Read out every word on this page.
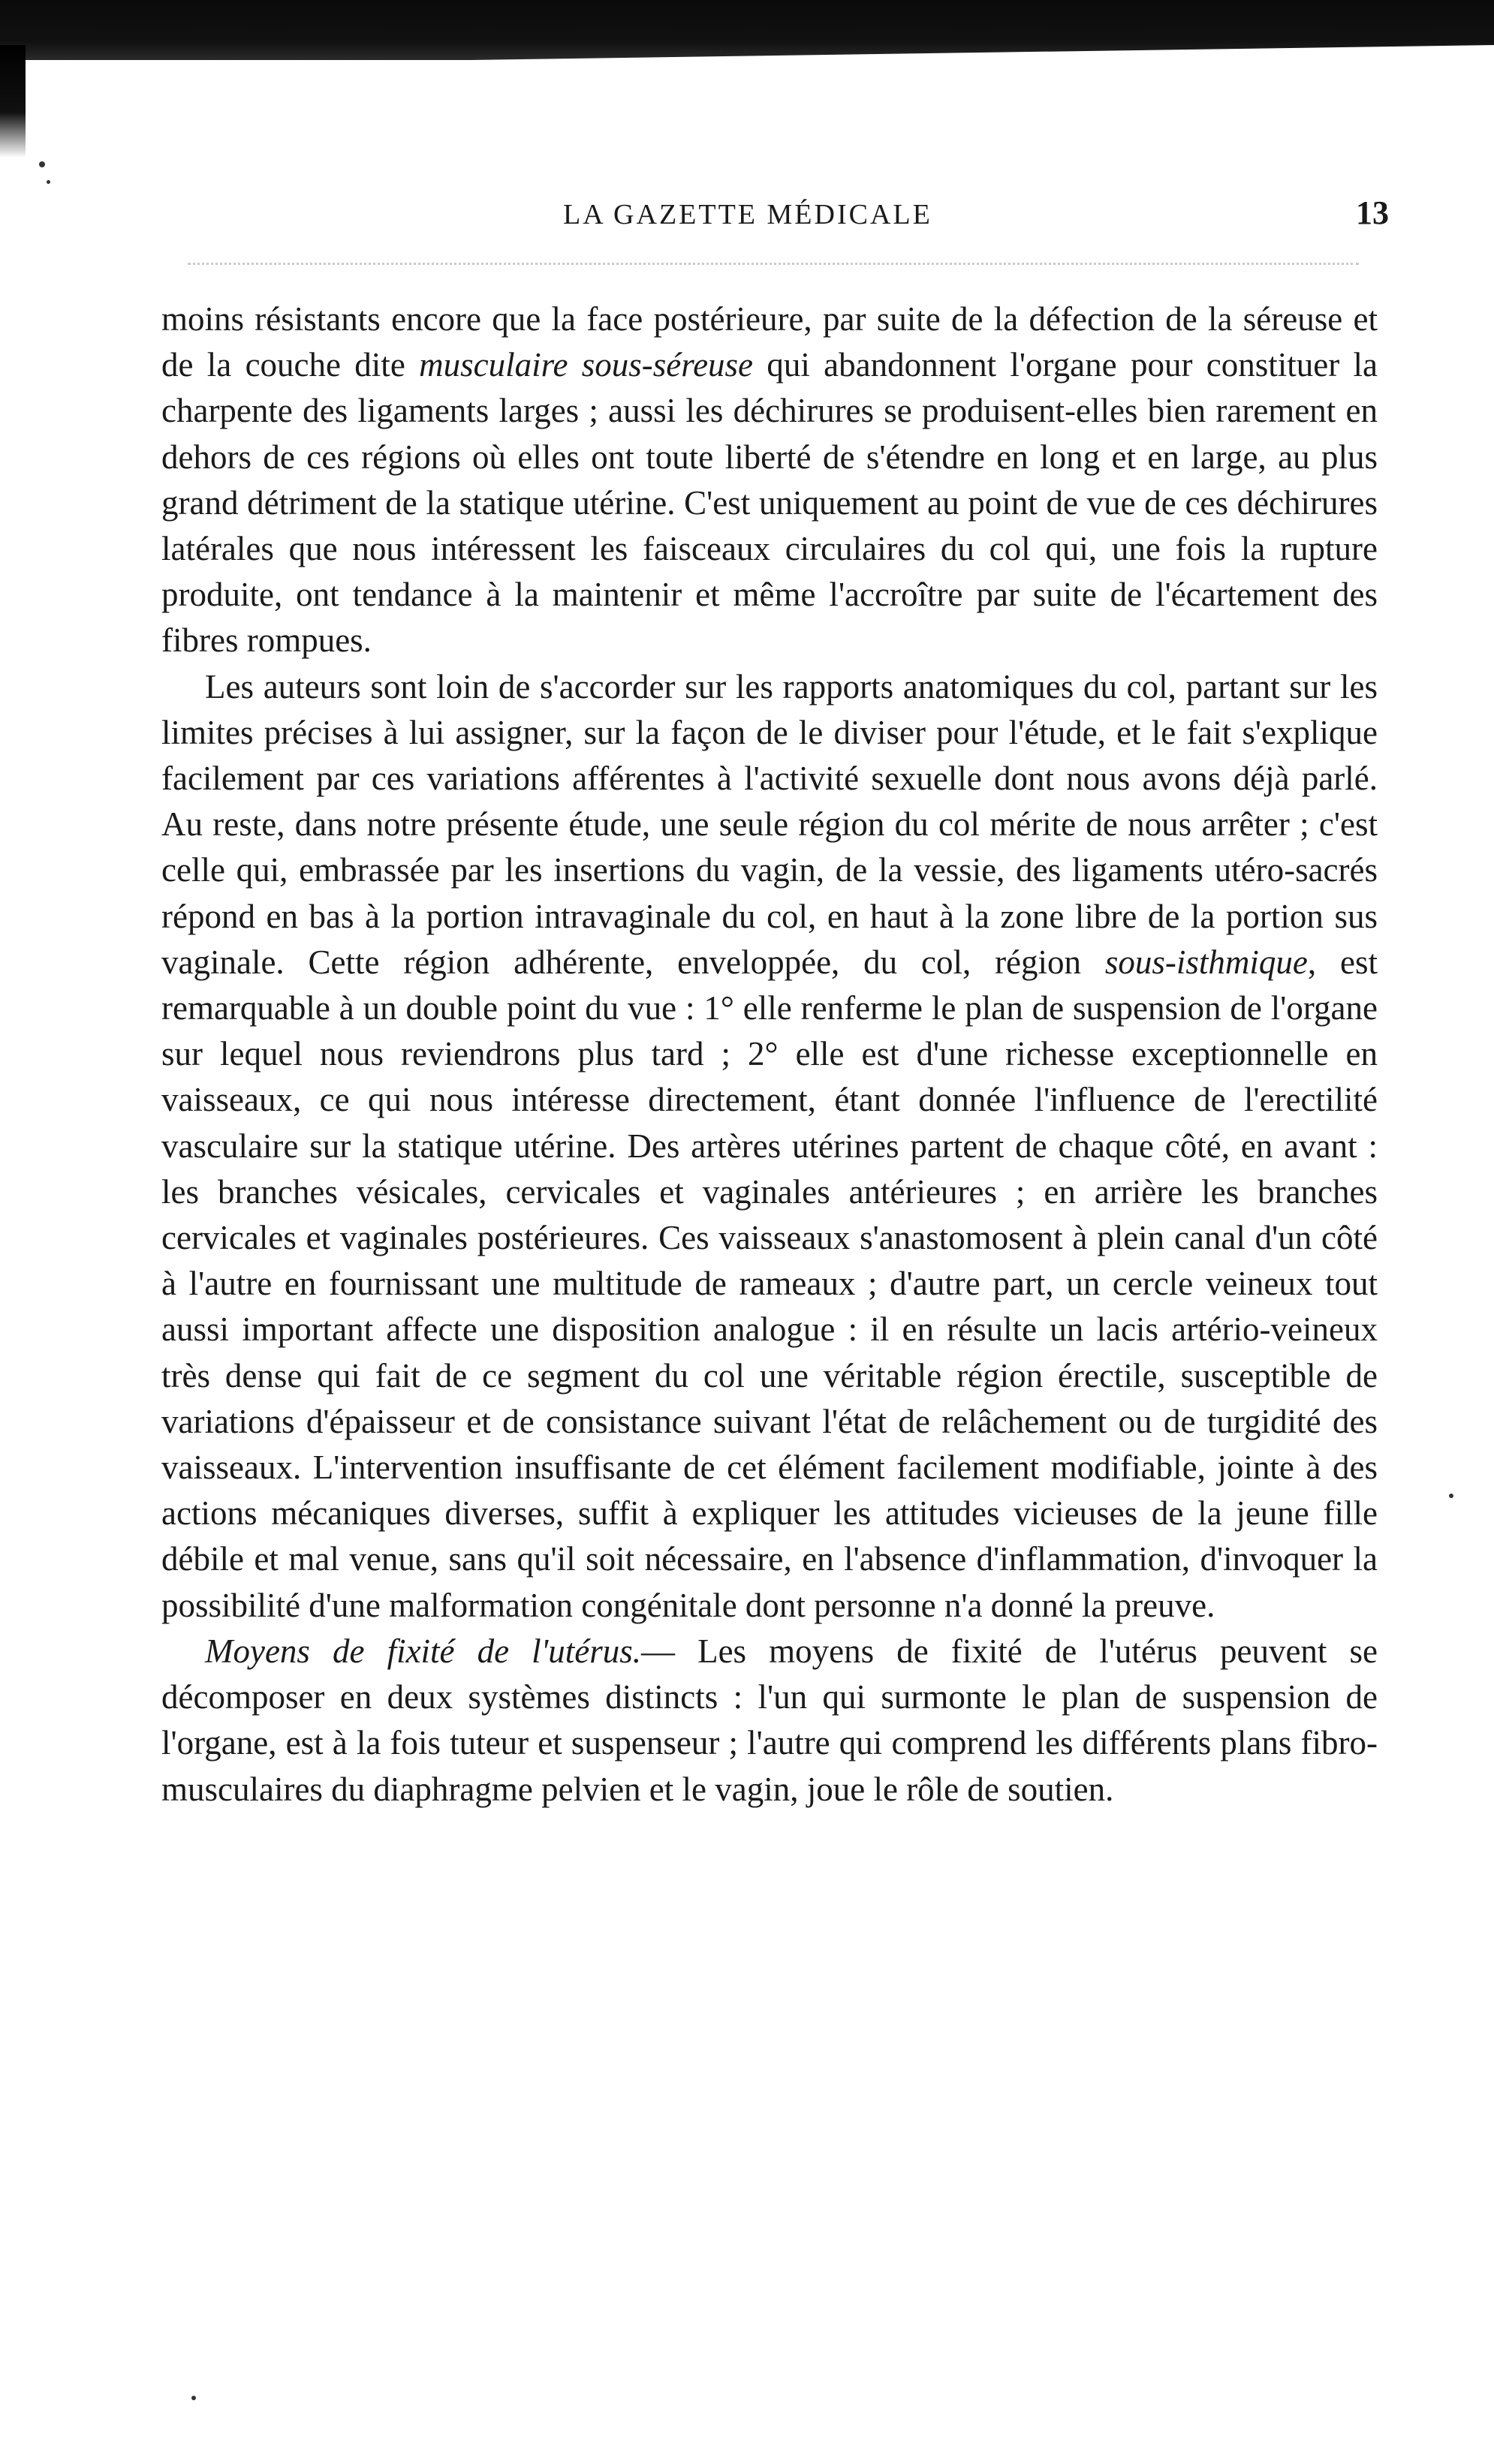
LA GAZETTE MÉDICALE	13

moins résistants encore que la face postérieure, par suite de la défection de la séreuse et de la couche dite musculaire sous-séreuse qui abandonnent l'organe pour constituer la charpente des ligaments larges ; aussi les déchirures se produisent-elles bien rarement en dehors de ces régions où elles ont toute liberté de s'étendre en long et en large, au plus grand détriment de la statique utérine. C'est uniquement au point de vue de ces déchirures latérales que nous intéressent les faisceaux circulaires du col qui, une fois la rupture produite, ont tendance à la maintenir et même l'accroître par suite de l'écartement des fibres rompues.

Les auteurs sont loin de s'accorder sur les rapports anatomiques du col, partant sur les limites précises à lui assigner, sur la façon de le diviser pour l'étude, et le fait s'explique facilement par ces variations afférentes à l'activité sexuelle dont nous avons déjà parlé. Au reste, dans notre présente étude, une seule région du col mérite de nous arrêter ; c'est celle qui, embrassée par les insertions du vagin, de la vessie, des ligaments utéro-sacrés répond en bas à la portion intravaginale du col, en haut à la zone libre de la portion sus vaginale. Cette région adhérente, enveloppée, du col, région sous-isthmique, est remarquable à un double point du vue : 1° elle renferme le plan de suspension de l'organe sur lequel nous reviendrons plus tard ; 2° elle est d'une richesse exceptionnelle en vaisseaux, ce qui nous intéresse directement, étant donnée l'influence de l'erectilité vasculaire sur la statique utérine. Des artères utérines partent de chaque côté, en avant : les branches vésicales, cervicales et vaginales antérieures ; en arrière les branches cervicales et vaginales postérieures. Ces vaisseaux s'anastomosent à plein canal d'un côté à l'autre en fournissant une multitude de rameaux ; d'autre part, un cercle veineux tout aussi important affecte une disposition analogue : il en résulte un lacis artério-veineux très dense qui fait de ce segment du col une véritable région érectile, susceptible de variations d'épaisseur et de consistance suivant l'état de relâchement ou de turgidité des vaisseaux. L'intervention insuffisante de cet élément facilement modifiable, jointe à des actions mécaniques diverses, suffit à expliquer les attitudes vicieuses de la jeune fille débile et mal venue, sans qu'il soit nécessaire, en l'absence d'inflammation, d'invoquer la possibilité d'une malformation congénitale dont personne n'a donné la preuve.

Moyens de fixité de l'utérus.— Les moyens de fixité de l'utérus peuvent se décomposer en deux systèmes distincts : l'un qui surmonte le plan de suspension de l'organe, est à la fois tuteur et suspenseur ; l'autre qui comprend les différents plans fibro-musculaires du diaphragme pelvien et le vagin, joue le rôle de soutien.
